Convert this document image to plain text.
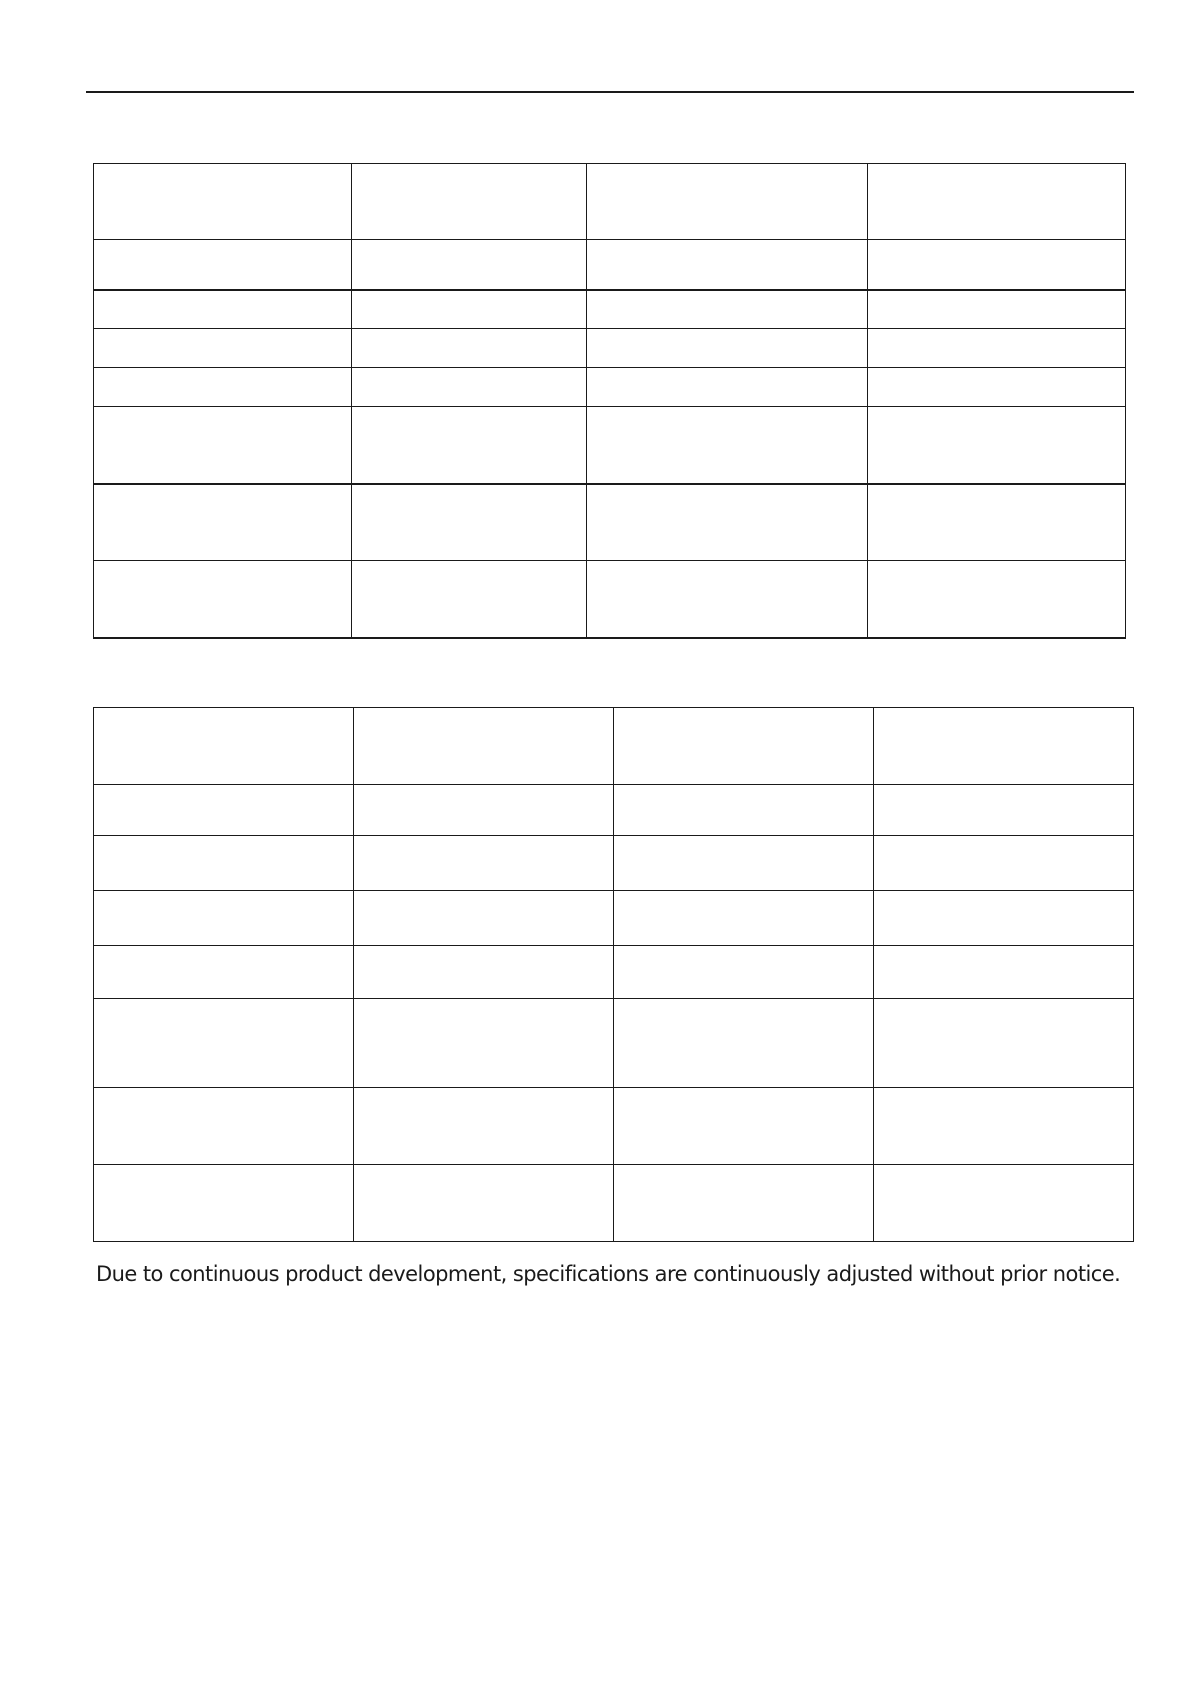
Due to continuous product development, specifications are continuously adjusted without prior notice.
